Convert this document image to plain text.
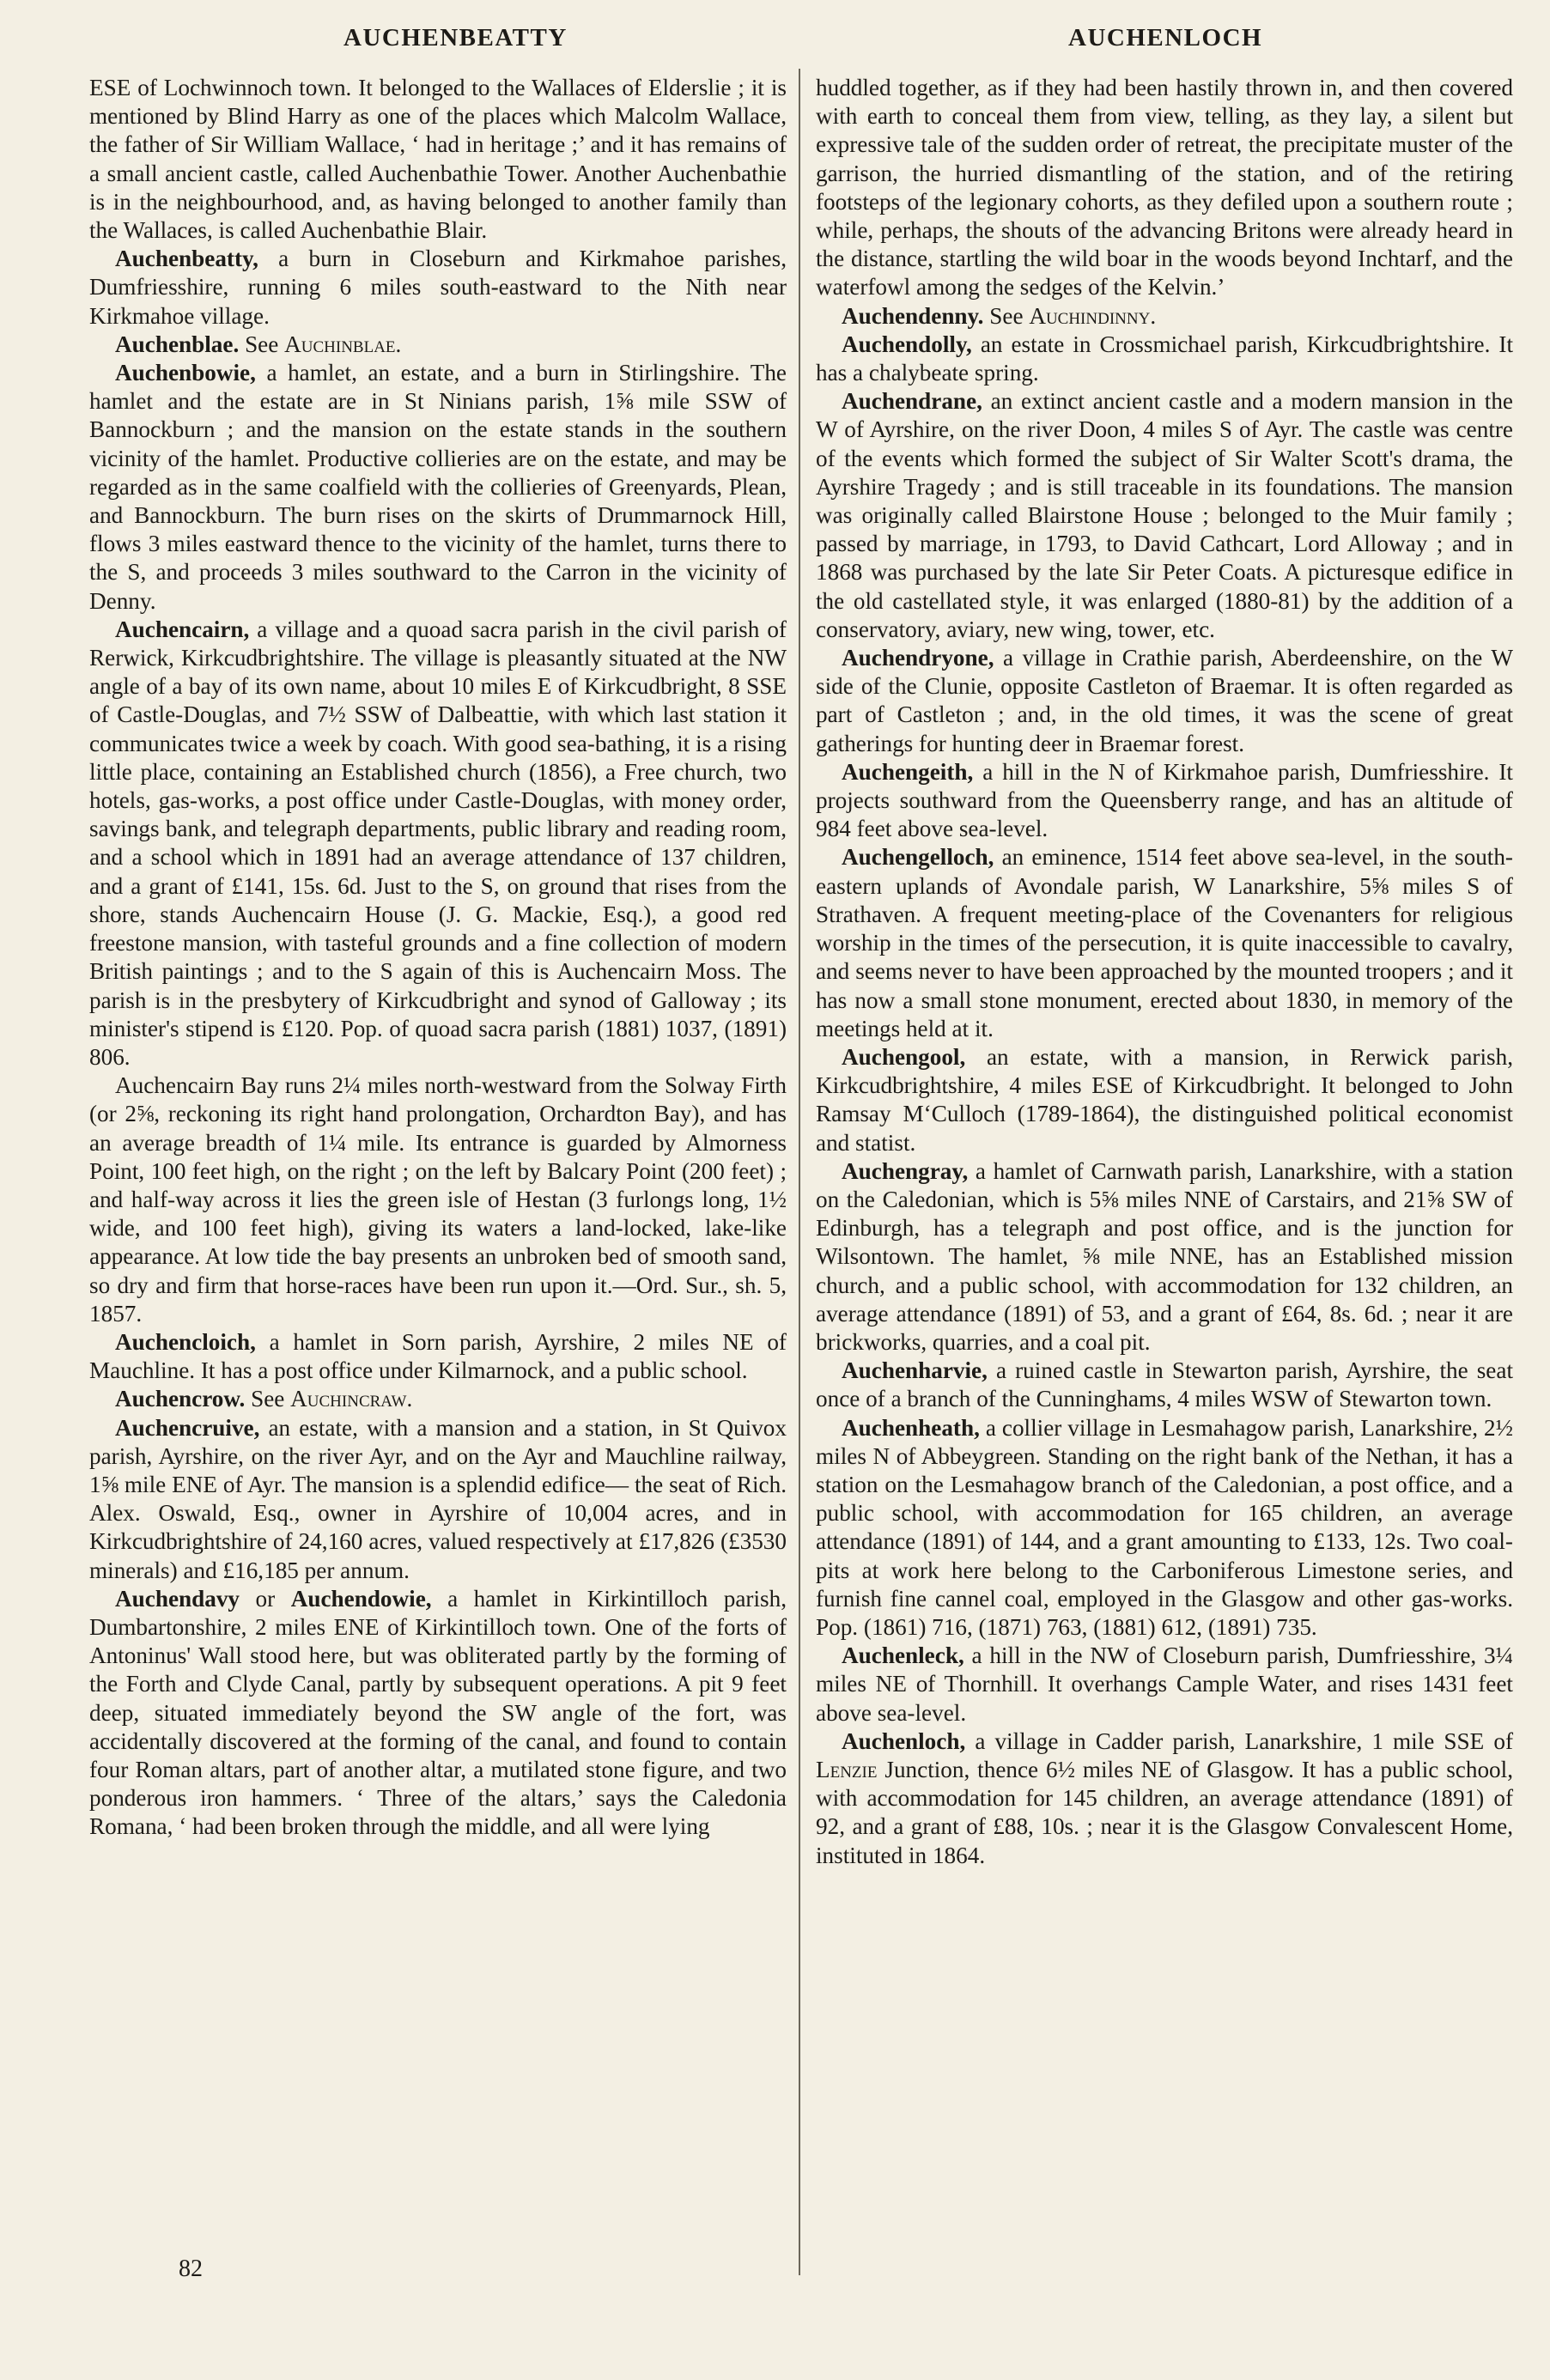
AUCHENBEATTY	AUCHENLOCH

ESE of Lochwinnoch town. It belonged to the Wallaces of Elderslie ; it is mentioned by Blind Harry as one of the places which Malcolm Wallace, the father of Sir William Wallace, ‘ had in heritage ;’ and it has remains of a small ancient castle, called Auchenbathie Tower. Another Auchenbathie is in the neighbourhood, and, as having belonged to another family than the Wallaces, is called Auchenbathie Blair.

Auchenbeatty, a burn in Closeburn and Kirkmahoe parishes, Dumfriesshire, running 6 miles south-eastward to the Nith near Kirkmahoe village.

Auchenblae. See Auchinblae.

Auchenbowie, a hamlet, an estate, and a burn in Stirlingshire. The hamlet and the estate are in St Ninians parish, 1⅝ mile SSW of Bannockburn ; and the mansion on the estate stands in the southern vicinity of the hamlet. Productive collieries are on the estate, and may be regarded as in the same coalfield with the collieries of Greenyards, Plean, and Bannockburn. The burn rises on the skirts of Drummarnock Hill, flows 3 miles eastward thence to the vicinity of the hamlet, turns there to the S, and proceeds 3 miles southward to the Carron in the vicinity of Denny.

Auchencairn, a village and a quoad sacra parish in the civil parish of Rerwick, Kirkcudbrightshire. The village is pleasantly situated at the NW angle of a bay of its own name, about 10 miles E of Kirkcudbright, 8 SSE of Castle-Douglas, and 7½ SSW of Dalbeattie, with which last station it communicates twice a week by coach. With good sea-bathing, it is a rising little place, containing an Established church (1856), a Free church, two hotels, gas-works, a post office under Castle-Douglas, with money order, savings bank, and telegraph departments, public library and reading room, and a school which in 1891 had an average attendance of 137 children, and a grant of £141, 15s. 6d. Just to the S, on ground that rises from the shore, stands Auchencairn House (J. G. Mackie, Esq.), a good red freestone mansion, with tasteful grounds and a fine collection of modern British paintings ; and to the S again of this is Auchencairn Moss. The parish is in the presbytery of Kirkcudbright and synod of Galloway ; its minister's stipend is £120. Pop. of quoad sacra parish (1881) 1037, (1891) 806.

Auchencairn Bay runs 2¼ miles north-westward from the Solway Firth (or 2⅝, reckoning its right hand prolongation, Orchardton Bay), and has an average breadth of 1¼ mile. Its entrance is guarded by Almorness Point, 100 feet high, on the right ; on the left by Balcary Point (200 feet) ; and half-way across it lies the green isle of Hestan (3 furlongs long, 1½ wide, and 100 feet high), giving its waters a land-locked, lake-like appearance. At low tide the bay presents an unbroken bed of smooth sand, so dry and firm that horse-races have been run upon it.—Ord. Sur., sh. 5, 1857.

Auchencloich, a hamlet in Sorn parish, Ayrshire, 2 miles NE of Mauchline. It has a post office under Kilmarnock, and a public school.

Auchencrow. See Auchincraw.

Auchencruive, an estate, with a mansion and a station, in St Quivox parish, Ayrshire, on the river Ayr, and on the Ayr and Mauchline railway, 1⅝ mile ENE of Ayr. The mansion is a splendid edifice— the seat of Rich. Alex. Oswald, Esq., owner in Ayrshire of 10,004 acres, and in Kirkcudbrightshire of 24,160 acres, valued respectively at £17,826 (£3530 minerals) and £16,185 per annum.

Auchendavy or Auchendowie, a hamlet in Kirkintilloch parish, Dumbartonshire, 2 miles ENE of Kirkintilloch town. One of the forts of Antoninus' Wall stood here, but was obliterated partly by the forming of the Forth and Clyde Canal, partly by subsequent operations. A pit 9 feet deep, situated immediately beyond the SW angle of the fort, was accidentally discovered at the forming of the canal, and found to contain four Roman altars, part of another altar, a mutilated stone figure, and two ponderous iron hammers. ‘ Three of the altars,’ says the Caledonia Romana, ‘ had been broken through the middle, and all were lying

huddled together, as if they had been hastily thrown in, and then covered with earth to conceal them from view, telling, as they lay, a silent but expressive tale of the sudden order of retreat, the precipitate muster of the garrison, the hurried dismantling of the station, and of the retiring footsteps of the legionary cohorts, as they defiled upon a southern route ; while, perhaps, the shouts of the advancing Britons were already heard in the distance, startling the wild boar in the woods beyond Inchtarf, and the waterfowl among the sedges of the Kelvin.’

Auchendenny. See Auchindinny.

Auchendolly, an estate in Crossmichael parish, Kirkcudbrightshire. It has a chalybeate spring.

Auchendrane, an extinct ancient castle and a modern mansion in the W of Ayrshire, on the river Doon, 4 miles S of Ayr. The castle was centre of the events which formed the subject of Sir Walter Scott's drama, the Ayrshire Tragedy ; and is still traceable in its foundations. The mansion was originally called Blairstone House ; belonged to the Muir family ; passed by marriage, in 1793, to David Cathcart, Lord Alloway ; and in 1868 was purchased by the late Sir Peter Coats. A picturesque edifice in the old castellated style, it was enlarged (1880-81) by the addition of a conservatory, aviary, new wing, tower, etc.

Auchendryone, a village in Crathie parish, Aberdeenshire, on the W side of the Clunie, opposite Castleton of Braemar. It is often regarded as part of Castleton ; and, in the old times, it was the scene of great gatherings for hunting deer in Braemar forest.

Auchengeith, a hill in the N of Kirkmahoe parish, Dumfriesshire. It projects southward from the Queensberry range, and has an altitude of 984 feet above sea-level.

Auchengelloch, an eminence, 1514 feet above sea-level, in the south-eastern uplands of Avondale parish, W Lanarkshire, 5⅝ miles S of Strathaven. A frequent meeting-place of the Covenanters for religious worship in the times of the persecution, it is quite inaccessible to cavalry, and seems never to have been approached by the mounted troopers ; and it has now a small stone monument, erected about 1830, in memory of the meetings held at it.

Auchengool, an estate, with a mansion, in Rerwick parish, Kirkcudbrightshire, 4 miles ESE of Kirkcudbright. It belonged to John Ramsay M‘Culloch (1789-1864), the distinguished political economist and statist.

Auchengray, a hamlet of Carnwath parish, Lanarkshire, with a station on the Caledonian, which is 5⅝ miles NNE of Carstairs, and 21⅝ SW of Edinburgh, has a telegraph and post office, and is the junction for Wilsontown. The hamlet, ⅝ mile NNE, has an Established mission church, and a public school, with accommodation for 132 children, an average attendance (1891) of 53, and a grant of £64, 8s. 6d. ; near it are brickworks, quarries, and a coal pit.

Auchenharvie, a ruined castle in Stewarton parish, Ayrshire, the seat once of a branch of the Cunninghams, 4 miles WSW of Stewarton town.

Auchenheath, a collier village in Lesmahagow parish, Lanarkshire, 2½ miles N of Abbeygreen. Standing on the right bank of the Nethan, it has a station on the Lesmahagow branch of the Caledonian, a post office, and a public school, with accommodation for 165 children, an average attendance (1891) of 144, and a grant amounting to £133, 12s. Two coal-pits at work here belong to the Carboniferous Limestone series, and furnish fine cannel coal, employed in the Glasgow and other gas-works. Pop. (1861) 716, (1871) 763, (1881) 612, (1891) 735.

Auchenleck, a hill in the NW of Closeburn parish, Dumfriesshire, 3¼ miles NE of Thornhill. It overhangs Cample Water, and rises 1431 feet above sea-level.

Auchenloch, a village in Cadder parish, Lanarkshire, 1 mile SSE of Lenzie Junction, thence 6½ miles NE of Glasgow. It has a public school, with accommodation for 145 children, an average attendance (1891) of 92, and a grant of £88, 10s. ; near it is the Glasgow Convalescent Home, instituted in 1864.

82
